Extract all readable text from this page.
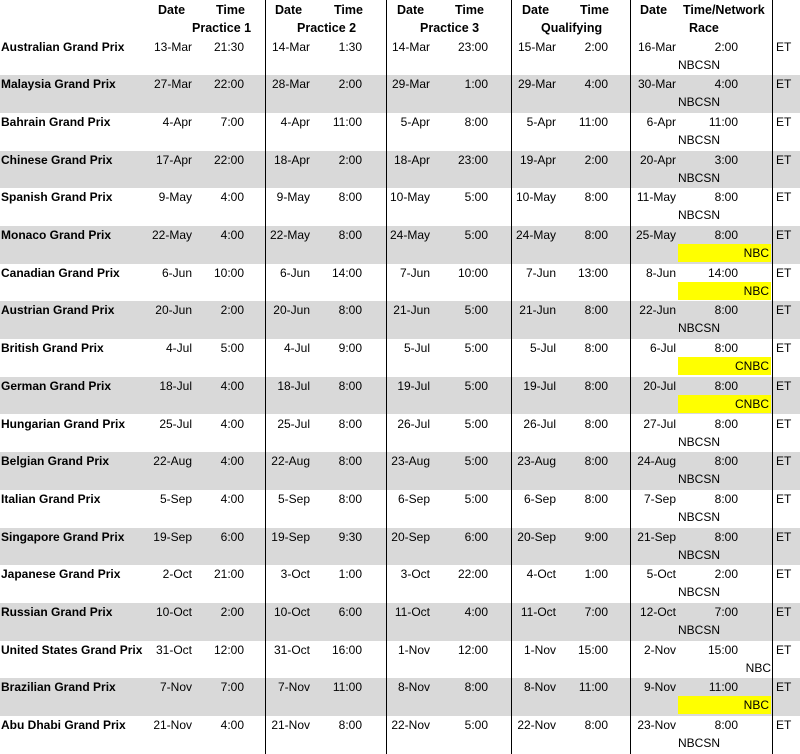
Date Time Date	Time	Date Time	Date Time Date Time/Network
Practice 1	Practice 2	Practice 3	Qualifying	Race
Australian Grand Prix	13-Mar	21:30	14-Mar	1:30	14-Mar	23:00	15-Mar	2:00	16-Mar	2:00	ET
NBCSN
Malaysia Grand Prix	27-Mar	22:00	28-Mar	2:00	29-Mar	1:00	29-Mar	4:00	30-Mar	4:00	ET
NBCSN
Bahrain Grand Prix	4-Apr	7:00	4-Apr	11:00	5-Apr	8:00	5-Apr	11:00	6-Apr	11:00	ET
NBCSN
Chinese Grand Prix	17-Apr	22:00	18-Apr	2:00	18-Apr	23:00	19-Apr	2:00	20-Apr	3:00	ET
NBCSN
Spanish Grand Prix	9-May	4:00	9-May	8:00	10-May	5:00	10-May	8:00	11-May	8:00	ET
NBCSN
Monaco Grand Prix	22-May	4:00	22-May	8:00	24-May	5:00	24-May	8:00	25-May	8:00	ET
NBC
Canadian Grand Prix	6-Jun	10:00	6-Jun	14:00	7-Jun	10:00	7-Jun	13:00	8-Jun	14:00	ET
NBC
Austrian Grand Prix	20-Jun	2:00	20-Jun	8:00	21-Jun	5:00	21-Jun	8:00	22-Jun	8:00	ET
NBCSN
British Grand Prix	4-Jul	5:00	4-Jul	9:00	5-Jul	5:00	5-Jul	8:00	6-Jul	8:00	ET
CNBC
German Grand Prix	18-Jul	4:00	18-Jul	8:00	19-Jul	5:00	19-Jul	8:00	20-Jul	8:00	ET
CNBC
Hungarian Grand Prix	25-Jul	4:00	25-Jul	8:00	26-Jul	5:00	26-Jul	8:00	27-Jul	8:00	ET
NBCSN
Belgian Grand Prix	22-Aug	4:00	22-Aug	8:00	23-Aug	5:00	23-Aug	8:00	24-Aug	8:00	ET
NBCSN
Italian Grand Prix	5-Sep	4:00	5-Sep	8:00	6-Sep	5:00	6-Sep	8:00	7-Sep	8:00	ET
NBCSN
Singapore Grand Prix	19-Sep	6:00	19-Sep	9:30	20-Sep	6:00	20-Sep	9:00	21-Sep	8:00	ET
NBCSN
Japanese Grand Prix	2-Oct	21:00	3-Oct	1:00	3-Oct	22:00	4-Oct	1:00	5-Oct	2:00	ET
NBCSN
Russian Grand Prix	10-Oct	2:00	10-Oct	6:00	11-Oct	4:00	11-Oct	7:00	12-Oct	7:00	ET
NBCSN
United States Grand Prix	31-Oct	12:00	31-Oct	16:00	1-Nov	12:00	1-Nov	15:00	2-Nov	15:00	ET
NBC
Brazilian Grand Prix	7-Nov	7:00	7-Nov	11:00	8-Nov	8:00	8-Nov	11:00	9-Nov	11:00	ET
NBC
Abu Dhabi Grand Prix	21-Nov	4:00	21-Nov	8:00	22-Nov	5:00	22-Nov	8:00	23-Nov	8:00	ET
NBCSN
